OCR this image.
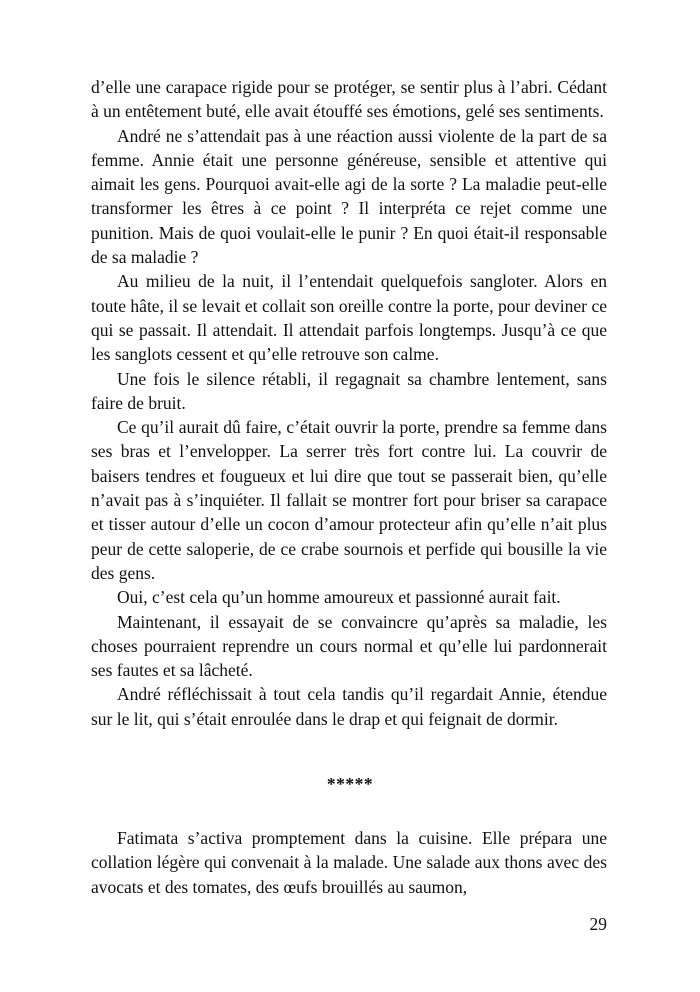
d’elle une carapace rigide pour se protéger, se sentir plus à l’abri. Cédant à un entêtement buté, elle avait étouffé ses émotions, gelé ses sentiments.

André ne s’attendait pas à une réaction aussi violente de la part de sa femme. Annie était une personne généreuse, sensible et attentive qui aimait les gens. Pourquoi avait-elle agi de la sorte ? La maladie peut-elle transformer les êtres à ce point ? Il interpréta ce rejet comme une punition. Mais de quoi voulait-elle le punir ? En quoi était-il responsable de sa maladie ?

Au milieu de la nuit, il l’entendait quelquefois sangloter. Alors en toute hâte, il se levait et collait son oreille contre la porte, pour deviner ce qui se passait. Il attendait. Il attendait parfois longtemps. Jusqu’à ce que les sanglots cessent et qu’elle retrouve son calme.

Une fois le silence rétabli, il regagnait sa chambre lentement, sans faire de bruit.

Ce qu’il aurait dû faire, c’était ouvrir la porte, prendre sa femme dans ses bras et l’envelopper. La serrer très fort contre lui. La couvrir de baisers tendres et fougueux et lui dire que tout se passerait bien, qu’elle n’avait pas à s’inquiéter. Il fallait se montrer fort pour briser sa carapace et tisser autour d’elle un cocon d’amour protecteur afin qu’elle n’ait plus peur de cette saloperie, de ce crabe sournois et perfide qui bousille la vie des gens.

Oui, c’est cela qu’un homme amoureux et passionné aurait fait.

Maintenant, il essayait de se convaincre qu’après sa maladie, les choses pourraient reprendre un cours normal et qu’elle lui pardonnerait ses fautes et sa lâcheté.

André réfléchissait à tout cela tandis qu’il regardait Annie, étendue sur le lit, qui s’était enroulée dans le drap et qui feignait de dormir.

*****

Fatimata s’activa promptement dans la cuisine. Elle prépara une collation légère qui convenait à la malade. Une salade aux thons avec des avocats et des tomates, des œufs brouillés au saumon,

29
